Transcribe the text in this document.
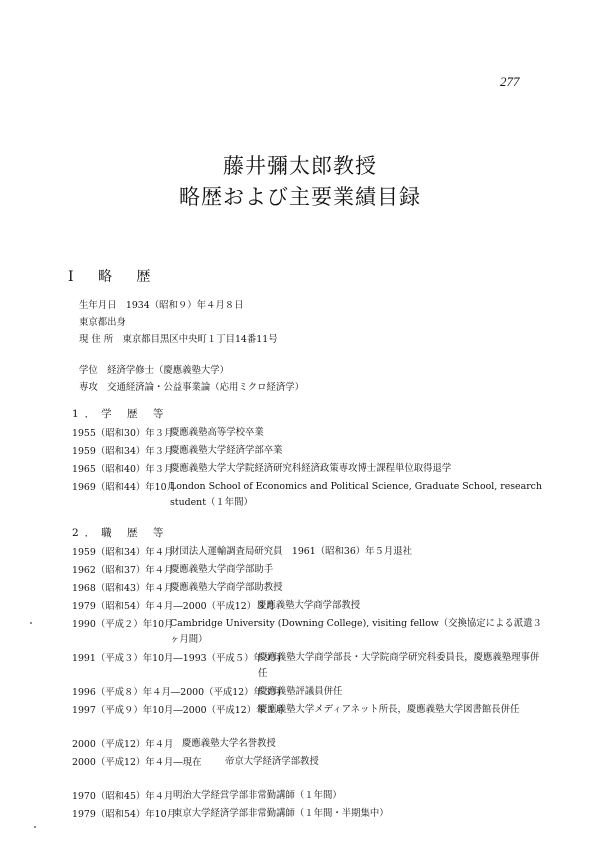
277
藤井彌太郎教授
略歴および主要業績目録
Ⅰ 略 歴
生年月日　1934（昭和９）年４月８日
東京都出身
現 住 所　東京都目黒区中央町１丁目14番11号
学位　経済学修士（慶應義塾大学）
専攻　交通経済論・公益事業論（応用ミクロ経済学）
1．学 歴 等
1955（昭和30）年３月
慶應義塾高等学校卒業
1959（昭和34）年３月
慶應義塾大学経済学部卒業
1965（昭和40）年３月
慶應義塾大学大学院経済研究科経済政策専攻博士課程単位取得退学
1969（昭和44）年10月
London School of Economics and Political Science, Graduate School, research student（１年間）
2．職 歴 等
1959（昭和34）年４月
財団法人運輸調査局研究員　1961（昭和36）年５月退社
1962（昭和37）年４月
慶應義塾大学商学部助手
1968（昭和43）年４月
慶應義塾大学商学部助教授
1979（昭和54）年４月―2000（平成12）３月
慶應義塾大学商学部教授
1990（平成２）年10月
Cambridge University (Downing College), visiting fellow（交換協定による派遣３ヶ月間）
1991（平成３）年10月―1993（平成５）年９月
慶應義塾大学商学部長・大学院商学研究科委員長，慶應義塾理事併任
1996（平成８）年４月―2000（平成12）年３月
慶應義塾評議員併任
1997（平成９）年10月―2000（平成12）年３月
慶應義塾大学メディアネット所長，慶應義塾大学図書館長併任
2000（平成12）年４月 慶應義塾大学名誉教授
2000（平成12）年４月―現在	帝京大学経済学部教授
1970（昭和45）年４月 明治大学経営学部非常勤講師（１年間）
1979（昭和54）年10月
東京大学経済学部非常勤講師（１年間・半期集中）
